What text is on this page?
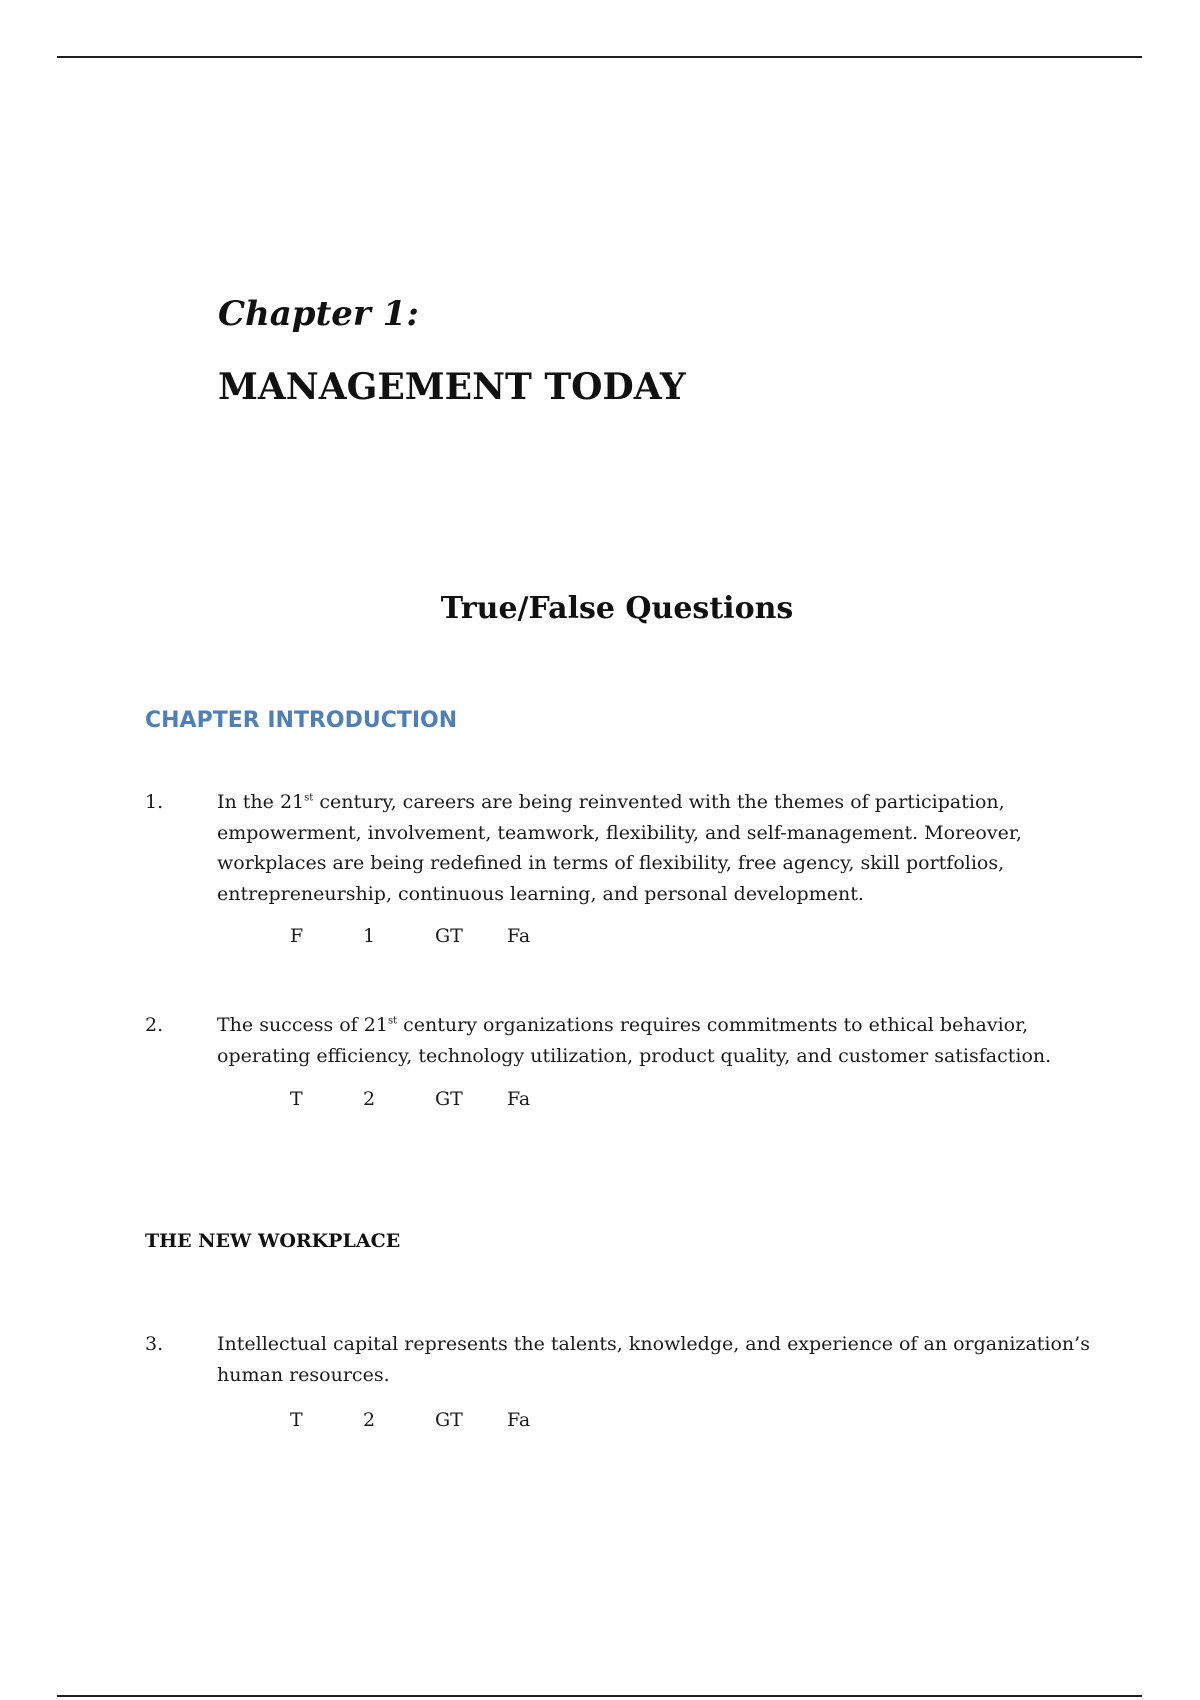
Chapter 1:
MANAGEMENT TODAY
True/False Questions
CHAPTER INTRODUCTION
1.	In the 21st century, careers are being reinvented with the themes of participation, empowerment, involvement, teamwork, flexibility, and self-management. Moreover, workplaces are being redefined in terms of flexibility, free agency, skill portfolios, entrepreneurship, continuous learning, and personal development.
F	1	GT Fa
2.	The success of 21st century organizations requires commitments to ethical behavior, operating efficiency, technology utilization, product quality, and customer satisfaction.
T	2	GT Fa
THE NEW WORKPLACE
3.	Intellectual capital represents the talents, knowledge, and experience of an organization’s human resources.
T	2	GT Fa
